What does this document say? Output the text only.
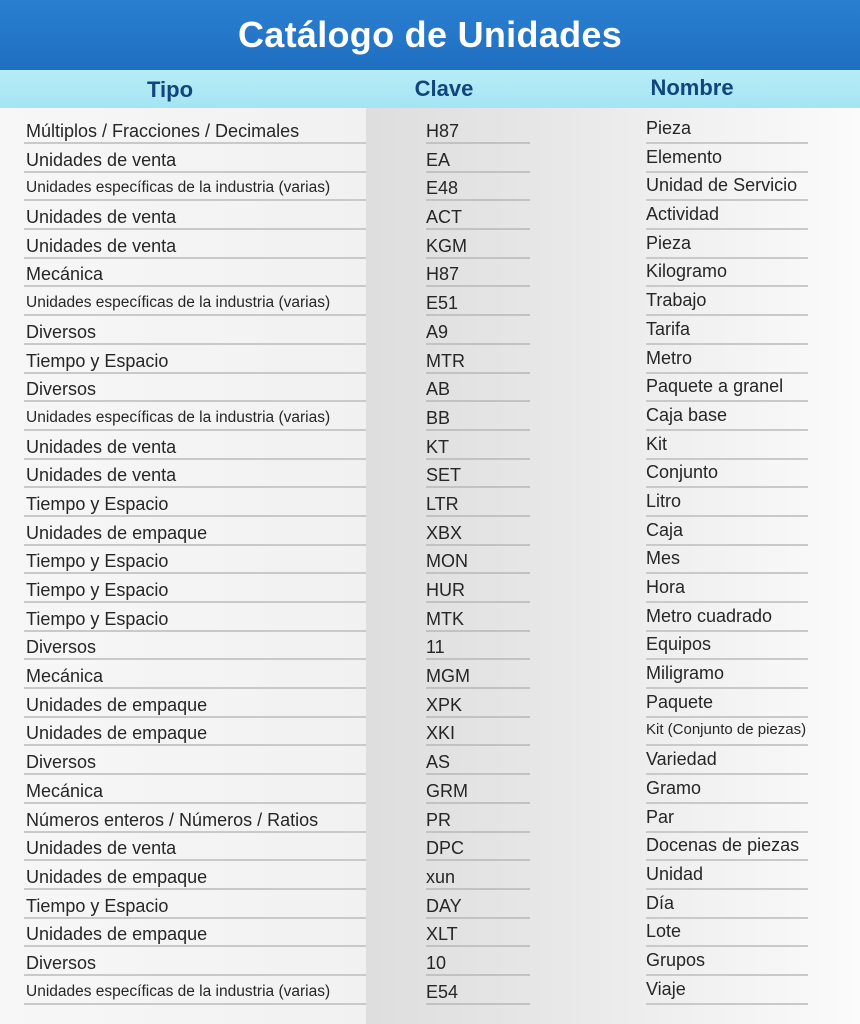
Catálogo de Unidades
Tipo	Clave	Nombre
Múltiplos / Fracciones / Decimales	H87	Pieza
Unidades de venta	EA	Elemento
Unidades específicas de la industria (varias)	E48	Unidad de Servicio
Unidades de venta	ACT	Actividad
Unidades de venta	KGM	Pieza
Mecánica	H87	Kilogramo
Unidades específicas de la industria (varias)	E51	Trabajo
Diversos	A9	Tarifa
Tiempo y Espacio	MTR	Metro
Diversos	AB	Paquete a granel
Unidades específicas de la industria (varias)	BB	Caja base
Unidades de venta	KT	Kit
Unidades de venta	SET	Conjunto
Tiempo y Espacio	LTR	Litro
Unidades de empaque	XBX	Caja
Tiempo y Espacio	MON	Mes
Tiempo y Espacio	HUR	Hora
Tiempo y Espacio	MTK	Metro cuadrado
Diversos	11	Equipos
Mecánica	MGM	Miligramo
Unidades de empaque	XPK	Paquete
Unidades de empaque	XKI	Kit (Conjunto de piezas)
Diversos	AS	Variedad
Mecánica	GRM	Gramo
Números enteros / Números / Ratios	PR	Par
Unidades de venta	DPC	Docenas de piezas
Unidades de empaque	xun	Unidad
Tiempo y Espacio	DAY	Día
Unidades de empaque	XLT	Lote
Diversos	10	Grupos
Unidades específicas de la industria (varias)	E54	Viaje
